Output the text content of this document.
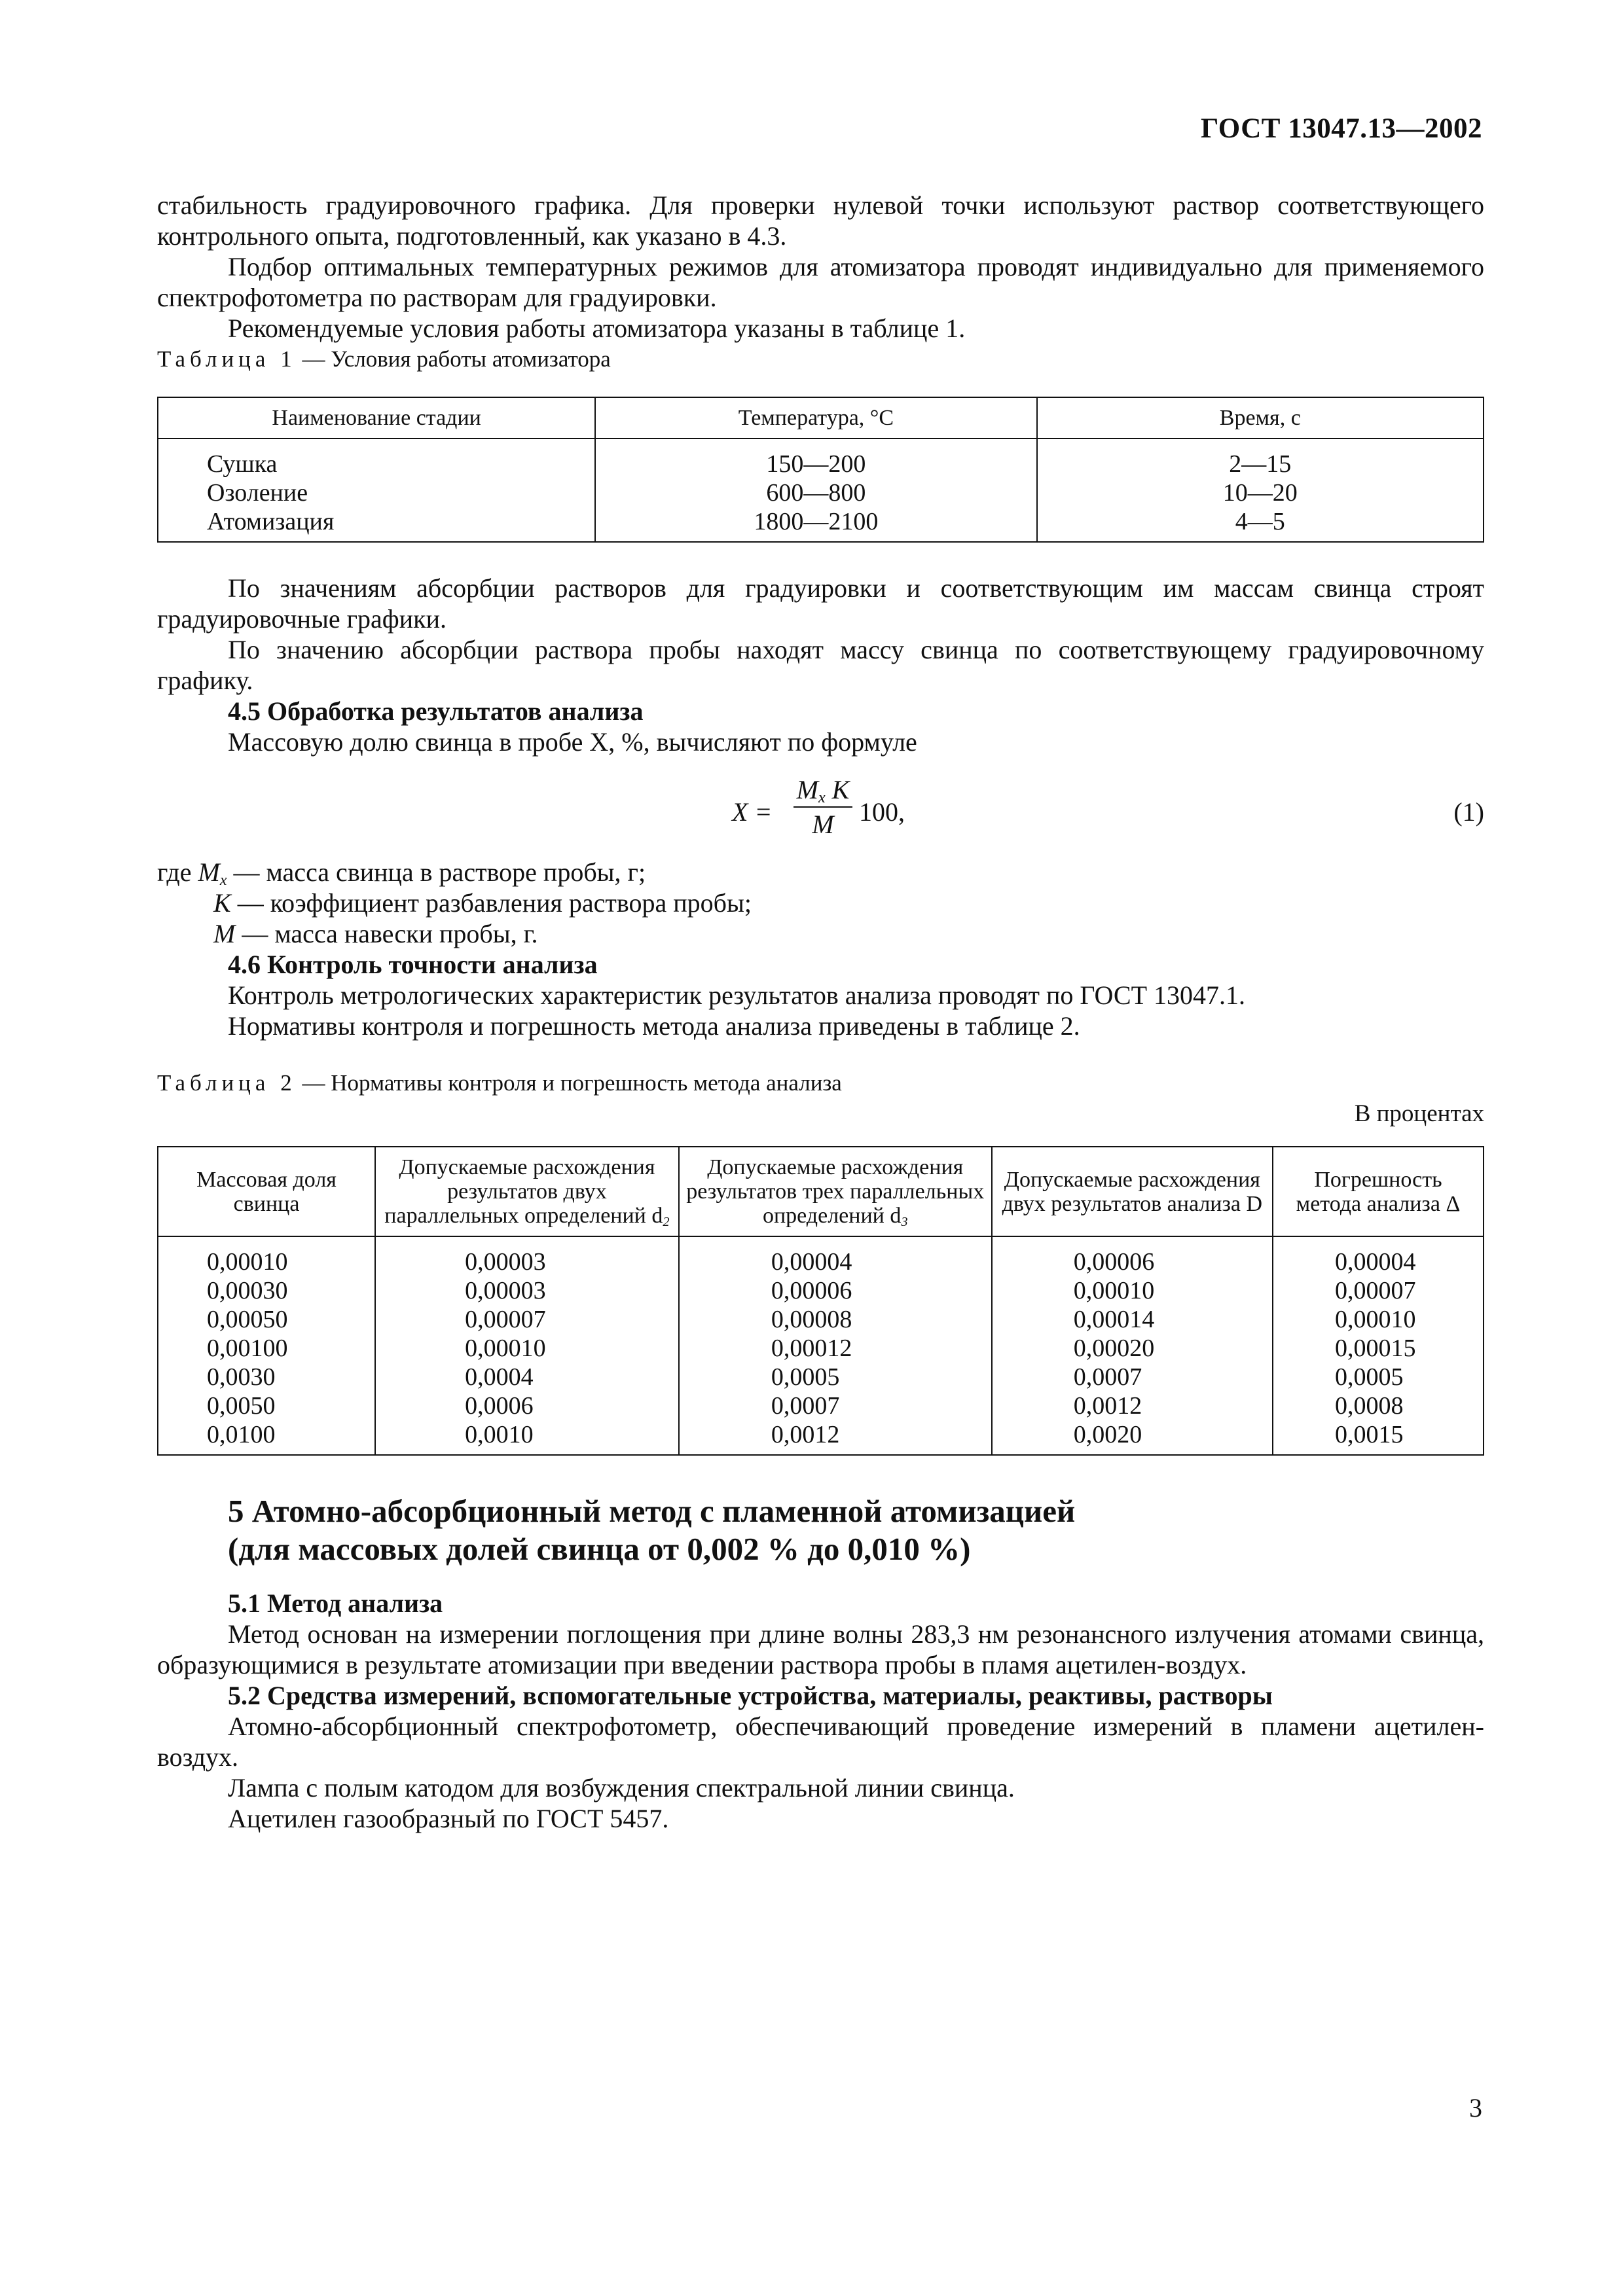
ГОСТ 13047.13—2002

стабильность градуировочного графика. Для проверки нулевой точки используют раствор соответствующего контрольного опыта, подготовленный, как указано в 4.3.

Подбор оптимальных температурных режимов для атомизатора проводят индивидуально для применяемого спектрофотометра по растворам для градуировки.

Рекомендуемые условия работы атомизатора указаны в таблице 1.

Таблица 1 — Условия работы атомизатора

Наименование стадии	Температура, °С	Время, с
Сушка	150—200	2—15
Озоление	600—800	10—20
Атомизация	1800—2100	4—5

По значениям абсорбции растворов для градуировки и соответствующим им массам свинца строят градуировочные графики.

По значению абсорбции раствора пробы находят массу свинца по соответствующему градуировочному графику.

4.5 Обработка результатов анализа

Массовую долю свинца в пробе X, %, вычисляют по формуле

X =
$M_x$ K
M 100,	(1)

где $M_x$ — масса свинца в растворе пробы, г;

K — коэффициент разбавления раствора пробы;

M — масса навески пробы, г.

4.6 Контроль точности анализа

Контроль метрологических характеристик результатов анализа проводят по ГОСТ 13047.1.

Нормативы контроля и погрешность метода анализа приведены в таблице 2.

Таблица 2 — Нормативы контроля и погрешность метода анализа

В процентах

Массовая доля свинца	Допускаемые расхождения результатов двух параллельных определений $d_2$	Допускаемые расхождения результатов трех параллельных определений $d_3$	Допускаемые расхождения двух результатов анализа D	Погрешность метода анализа Δ
0,00010	0,00003	0,00004	0,00006	0,00004
0,00030	0,00003	0,00006	0,00010	0,00007
0,00050	0,00007	0,00008	0,00014	0,00010
0,00100	0,00010	0,00012	0,00020	0,00015
0,0030	0,0004	0,0005	0,0007	0,0005
0,0050	0,0006	0,0007	0,0012	0,0008
0,0100	0,0010	0,0012	0,0020	0,0015
5 Атомно-абсорбционный метод с пламенной атомизацией
(для массовых долей свинца от 0,002 % до 0,010 %)

5.1 Метод анализа

Метод основан на измерении поглощения при длине волны 283,3 нм резонансного излучения атомами свинца, образующимися в результате атомизации при введении раствора пробы в пламя ацетилен-воздух.

5.2 Средства измерений, вспомогательные устройства, материалы, реактивы, растворы

Атомно-абсорбционный спектрофотометр, обеспечивающий проведение измерений в пламени ацетилен-воздух.

Лампа с полым катодом для возбуждения спектральной линии свинца.

Ацетилен газообразный по ГОСТ 5457.

3
